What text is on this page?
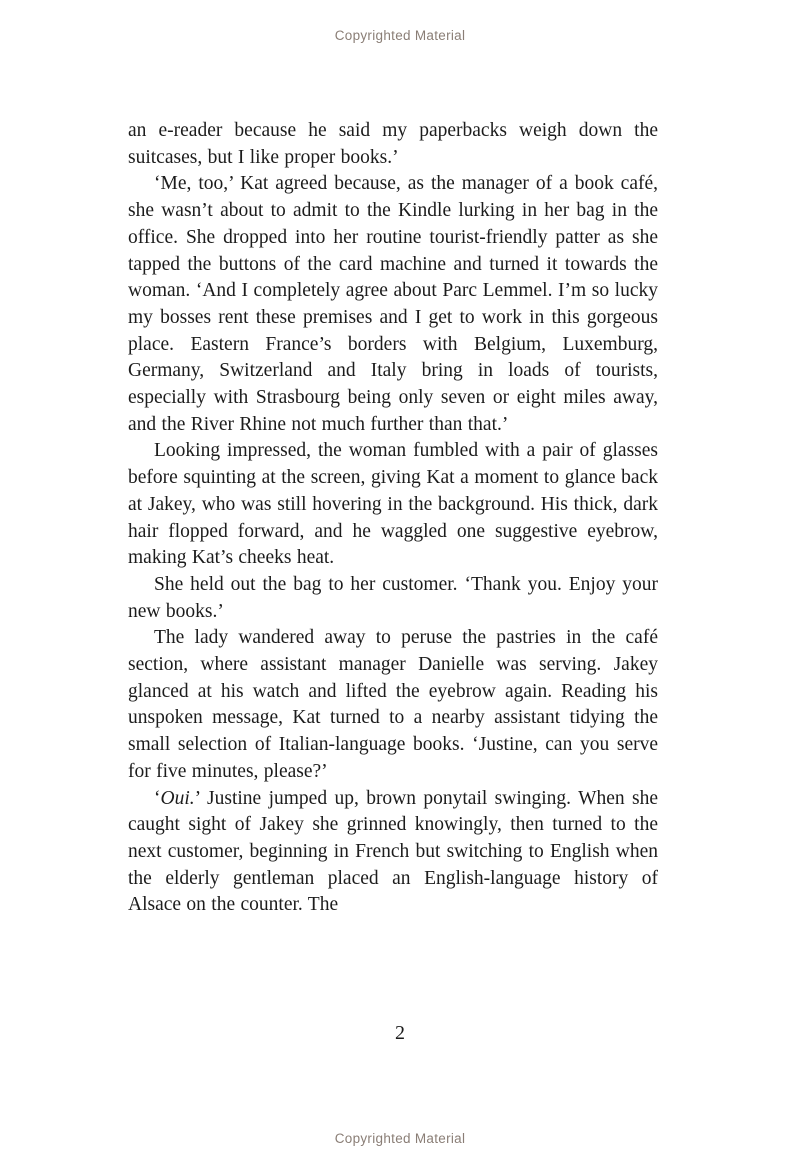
Copyrighted Material

an e-reader because he said my paperbacks weigh down the suitcases, but I like proper books.’

‘Me, too,’ Kat agreed because, as the manager of a book café, she wasn’t about to admit to the Kindle lurking in her bag in the office. She dropped into her routine tourist-friendly patter as she tapped the buttons of the card machine and turned it towards the woman. ‘And I completely agree about Parc Lemmel. I’m so lucky my bosses rent these premises and I get to work in this gorgeous place. Eastern France’s borders with Belgium, Luxemburg, Germany, Switzerland and Italy bring in loads of tourists, especially with Strasbourg being only seven or eight miles away, and the River Rhine not much further than that.’

Looking impressed, the woman fumbled with a pair of glasses before squinting at the screen, giving Kat a moment to glance back at Jakey, who was still hovering in the background. His thick, dark hair flopped forward, and he waggled one suggestive eyebrow, making Kat’s cheeks heat.

She held out the bag to her customer. ‘Thank you. Enjoy your new books.’

The lady wandered away to peruse the pastries in the café section, where assistant manager Danielle was serving. Jakey glanced at his watch and lifted the eyebrow again. Reading his unspoken message, Kat turned to a nearby assistant tidying the small selection of Italian-language books. ‘Justine, can you serve for five minutes, please?’

‘Oui.’ Justine jumped up, brown ponytail swinging. When she caught sight of Jakey she grinned knowingly, then turned to the next customer, beginning in French but switching to English when the elderly gentleman placed an English-language history of Alsace on the counter. The

2
Copyrighted Material
